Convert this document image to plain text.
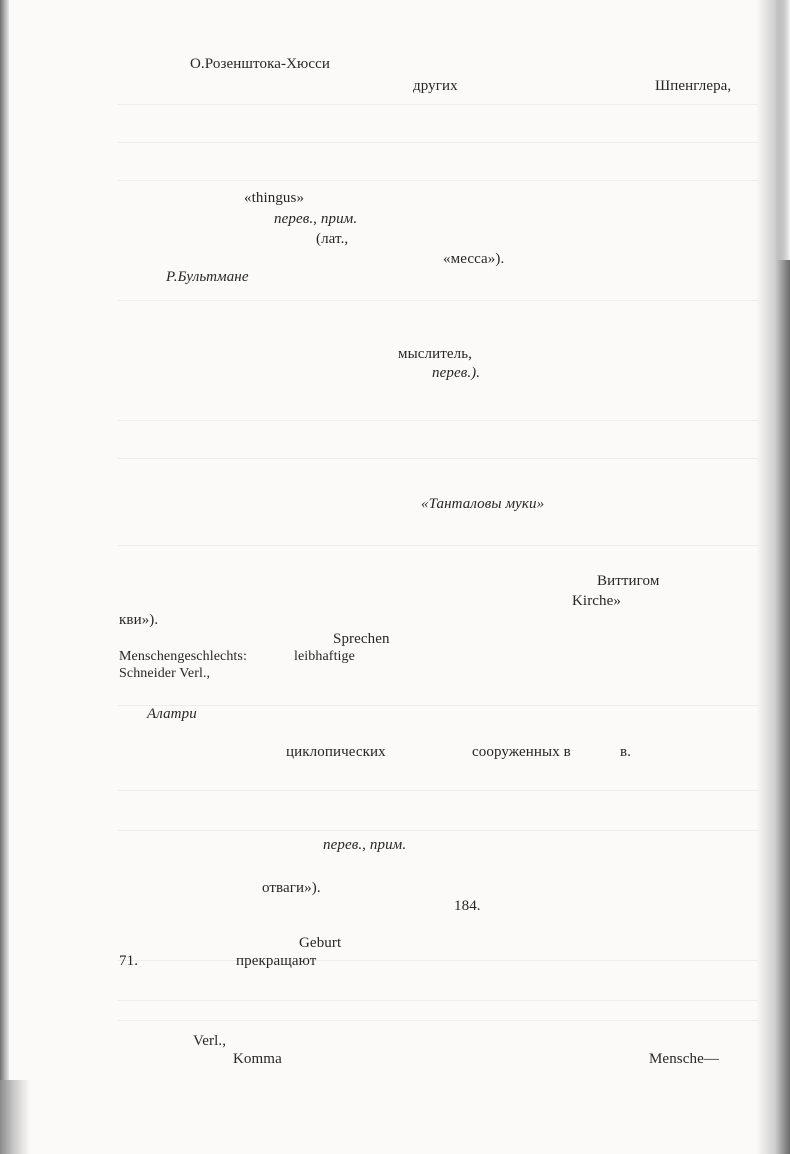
О.Розенштока-Хюсси
других	Шпенглера,
«thingus»
перев., прим.
(лат.,
«месса»).
Р.Бультмане
мыслитель,
перев.).
«Танталовы муки»
Виттигом
Kirche»
кви»).
Sprechen
Menschengeschlechts:	leibhaftige
Schneider Verl.,
Алатри
циклопических	сооруженных в	в.
перев., прим.
отваги»).
184.
Geburt
71.	прекращают
Verl.,
Komma	Mensche—
